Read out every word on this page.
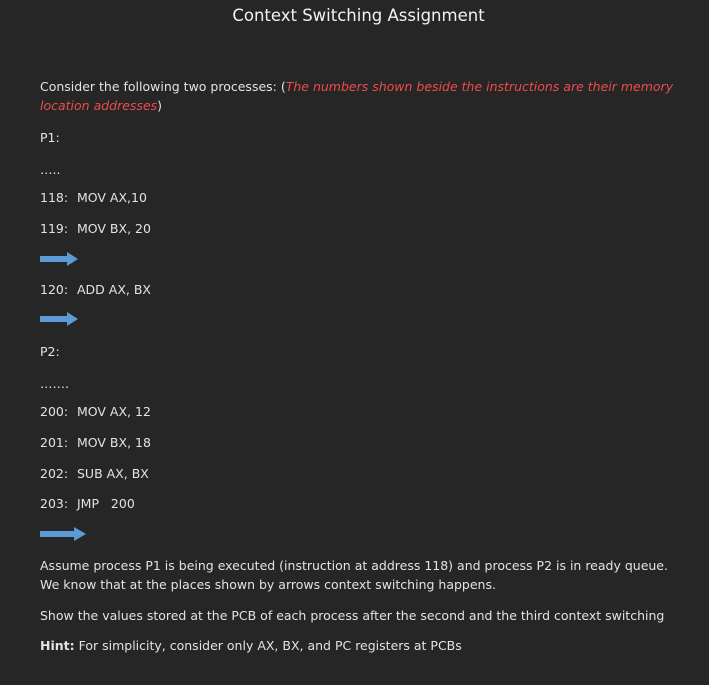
Context Switching Assignment
Consider the following two processes: (The numbers shown beside the instructions are their memory location addresses)
P1:
…..
118: MOV AX,10
119: MOV BX, 20
120: ADD AX, BX
P2:
…….
200: MOV AX, 12
201: MOV BX, 18
202: SUB AX, BX
203: JMP   200
Assume process P1 is being executed (instruction at address 118) and process P2 is in ready queue. We know that at the places shown by arrows context switching happens.
Show the values stored at the PCB of each process after the second and the third context switching
Hint: For simplicity, consider only AX, BX, and PC registers at PCBs
